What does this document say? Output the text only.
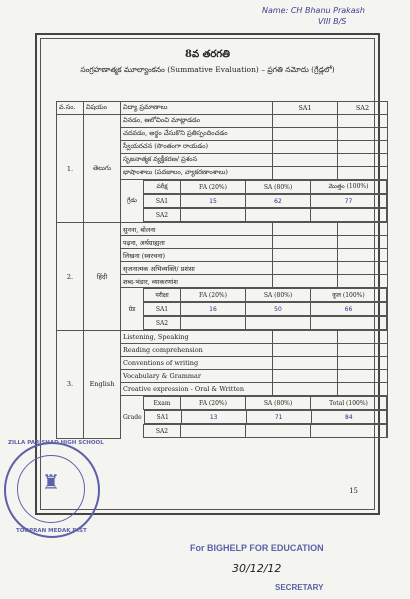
Name: CH Bhanu Prakash
VIII B/S
8వ తరగతి
సంగ్రహణాత్మక మూల్యాంకనం (Summative Evaluation) – ప్రగతి నమోదు (గ్రేడ్లలో)
వ.సం.	విషయం	విద్యా ప్రమాణాలు	SA1	SA2
1.	తెలుగు	వినడం, ఆలోచించి మాట్లాడడం		
చదవడం, అర్థం చేసుకొని ప్రతిస్పందించడం		
స్వీయరచన (సొంతంగా రాయడం)		
సృజనాత్మక వ్యక్తీకరణ/ ప్రశంస		
భాషాంశాలు (పదజాలం, వ్యాకరణాంశాలు)		

	పరీక్ష	FA (20%)	SA (80%)	మొత్తం (100%)

గ్రేడు	SA1	15	62	77

	SA2			

2.	हिंदी	सुनना, बोलना		
पढ़ना, अर्थग्राह्यता		
लिखना (स्वरचना)		
सृजनात्मक अभिव्यक्ति/ प्रशंसा		
शब्द-भंडार, व्याकरणांश		

	परीक्षा	FA (20%)	SA (80%)	कुल (100%)

ग्रेड	SA1	16	50	66

	SA2			

3.	English	Listening, Speaking		
Reading comprehension		
Conventions of writing		
Vocabulary & Grammar		
Creative expression - Oral & Written		

	Exam	FA (20%)	SA (80%)	Total (100%)

Grade	SA1	13	71	84

	SA2			
15
♜
ZILLA PARISHAD HIGH SCHOOL
TOOPRAN MEDAK DIST
For BIGHELP FOR EDUCATION
30/12/12
SECRETARY
